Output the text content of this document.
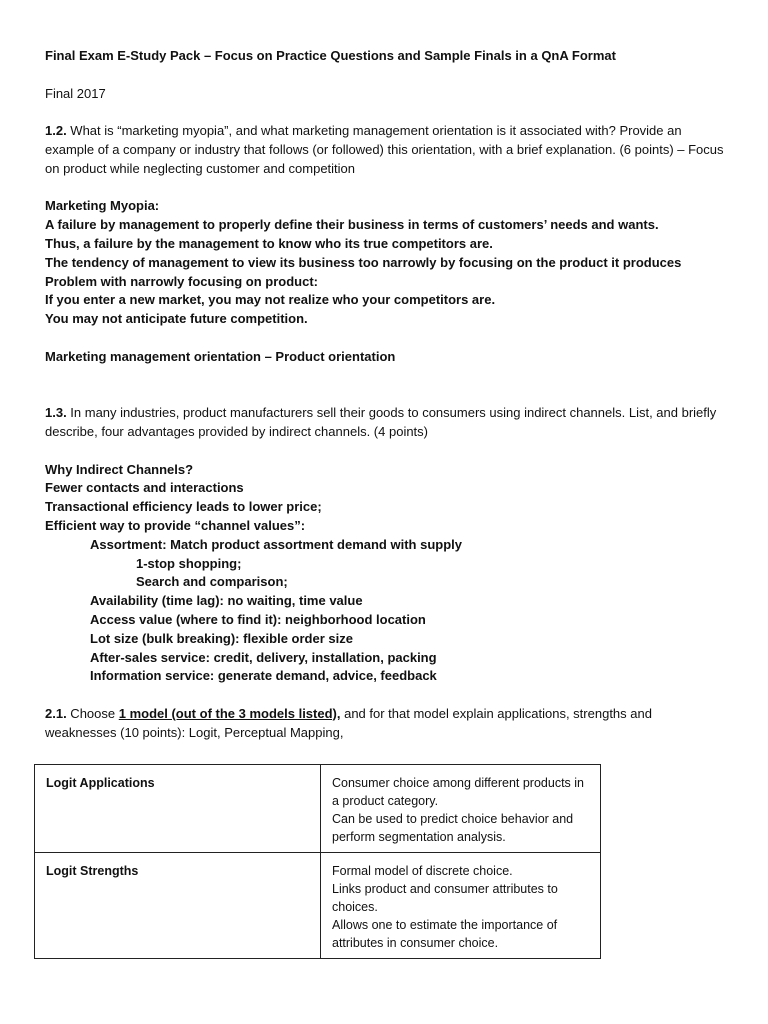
Final Exam E-Study Pack – Focus on Practice Questions and Sample Finals in a QnA Format

Final 2017

1.2. What is “marketing myopia”, and what marketing management orientation is it associated with? Provide an example of a company or industry that follows (or followed) this orientation, with a brief explanation. (6 points) – Focus on product while neglecting customer and competition

Marketing Myopia:

A failure by management to properly define their business in terms of customers’ needs and wants.

Thus, a failure by the management to know who its true competitors are.

The tendency of management to view its business too narrowly by focusing on the product it produces

Problem with narrowly focusing on product:

If you enter a new market, you may not realize who your competitors are.

You may not anticipate future competition.

Marketing management orientation – Product orientation

1.3. In many industries, product manufacturers sell their goods to consumers using indirect channels. List, and briefly describe, four advantages provided by indirect channels. (4 points)

Why Indirect Channels?

Fewer contacts and interactions

Transactional efficiency leads to lower price;

Efficient way to provide “channel values”:

Assortment: Match product assortment demand with supply

1-stop shopping;

Search and comparison;

Availability (time lag): no waiting, time value

Access value (where to find it): neighborhood location

Lot size (bulk breaking): flexible order size

After-sales service: credit, delivery, installation, packing

Information service: generate demand, advice, feedback

2.1. Choose 1 model (out of the 3 models listed), and for that model explain applications, strengths and weaknesses (10 points): Logit, Perceptual Mapping,

Logit Applications	Consumer choice among different products in
a product category.
Can be used to predict choice behavior and
perform segmentation analysis.

Logit Strengths	Formal model of discrete choice.
Links product and consumer attributes to
choices.
Allows one to estimate the importance of
attributes in consumer choice.
